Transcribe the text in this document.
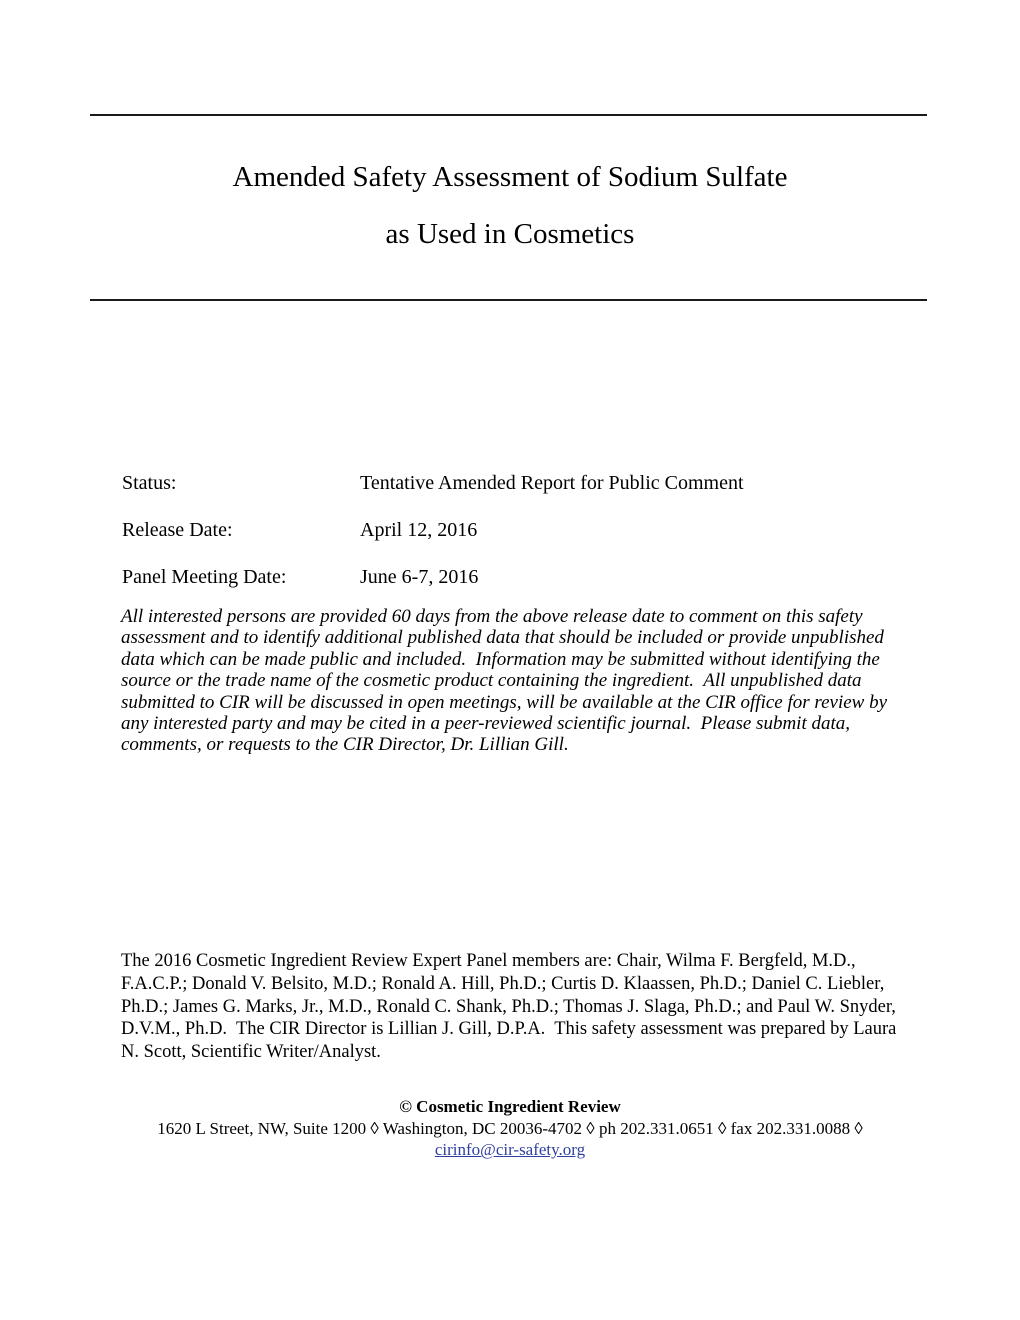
Amended Safety Assessment of Sodium Sulfate
as Used in Cosmetics
Status:	Tentative Amended Report for Public Comment
Release Date:	April 12, 2016
Panel Meeting Date:	June 6-7, 2016

All interested persons are provided 60 days from the above release date to comment on this safety assessment and to identify additional published data that should be included or provide unpublished data which can be made public and included.  Information may be submitted without identifying the source or the trade name of the cosmetic product containing the ingredient.  All unpublished data submitted to CIR will be discussed in open meetings, will be available at the CIR office for review by any interested party and may be cited in a peer-reviewed scientific journal.  Please submit data, comments, or requests to the CIR Director, Dr. Lillian Gill.

The 2016 Cosmetic Ingredient Review Expert Panel members are: Chair, Wilma F. Bergfeld, M.D., F.A.C.P.; Donald V. Belsito, M.D.; Ronald A. Hill, Ph.D.; Curtis D. Klaassen, Ph.D.; Daniel C. Liebler, Ph.D.; James G. Marks, Jr., M.D., Ronald C. Shank, Ph.D.; Thomas J. Slaga, Ph.D.; and Paul W. Snyder, D.V.M., Ph.D.  The CIR Director is Lillian J. Gill, D.P.A.  This safety assessment was prepared by Laura N. Scott, Scientific Writer/Analyst.

© Cosmetic Ingredient Review
1620 L Street, NW, Suite 1200 ◊ Washington, DC 20036-4702 ◊ ph 202.331.0651 ◊ fax 202.331.0088 ◊
cirinfo@cir-safety.org
